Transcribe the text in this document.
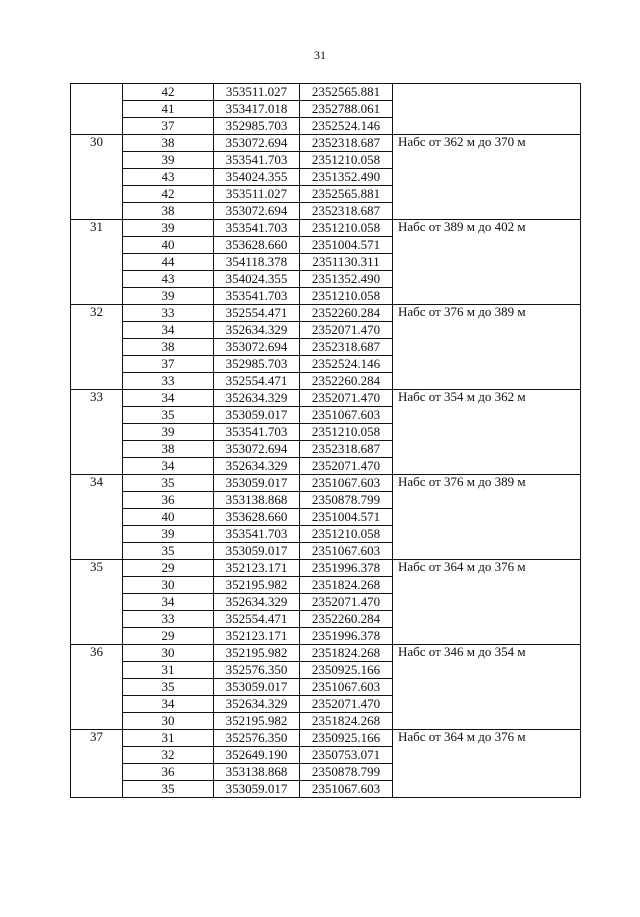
31
	42	353511.027	2352565.881	
	41	353417.018	2352788.061	
	37	352985.703	2352524.146	
30	38	353072.694	2352318.687	Набс от 362 м до 370 м
	39	353541.703	2351210.058	
	43	354024.355	2351352.490	
	42	353511.027	2352565.881	
	38	353072.694	2352318.687	
31	39	353541.703	2351210.058	Набс от 389 м до 402 м
	40	353628.660	2351004.571	
	44	354118.378	2351130.311	
	43	354024.355	2351352.490	
	39	353541.703	2351210.058	
32	33	352554.471	2352260.284	Набс от 376 м до 389 м
	34	352634.329	2352071.470	
	38	353072.694	2352318.687	
	37	352985.703	2352524.146	
	33	352554.471	2352260.284	
33	34	352634.329	2352071.470	Набс от 354 м до 362 м
	35	353059.017	2351067.603	
	39	353541.703	2351210.058	
	38	353072.694	2352318.687	
	34	352634.329	2352071.470	
34	35	353059.017	2351067.603	Набс от 376 м до 389 м
	36	353138.868	2350878.799	
	40	353628.660	2351004.571	
	39	353541.703	2351210.058	
	35	353059.017	2351067.603	
35	29	352123.171	2351996.378	Набс от 364 м до 376 м
	30	352195.982	2351824.268	
	34	352634.329	2352071.470	
	33	352554.471	2352260.284	
	29	352123.171	2351996.378	
36	30	352195.982	2351824.268	Набс от 346 м до 354 м
	31	352576.350	2350925.166	
	35	353059.017	2351067.603	
	34	352634.329	2352071.470	
	30	352195.982	2351824.268	
37	31	352576.350	2350925.166	Набс от 364 м до 376 м
	32	352649.190	2350753.071	
	36	353138.868	2350878.799	
	35	353059.017	2351067.603	
